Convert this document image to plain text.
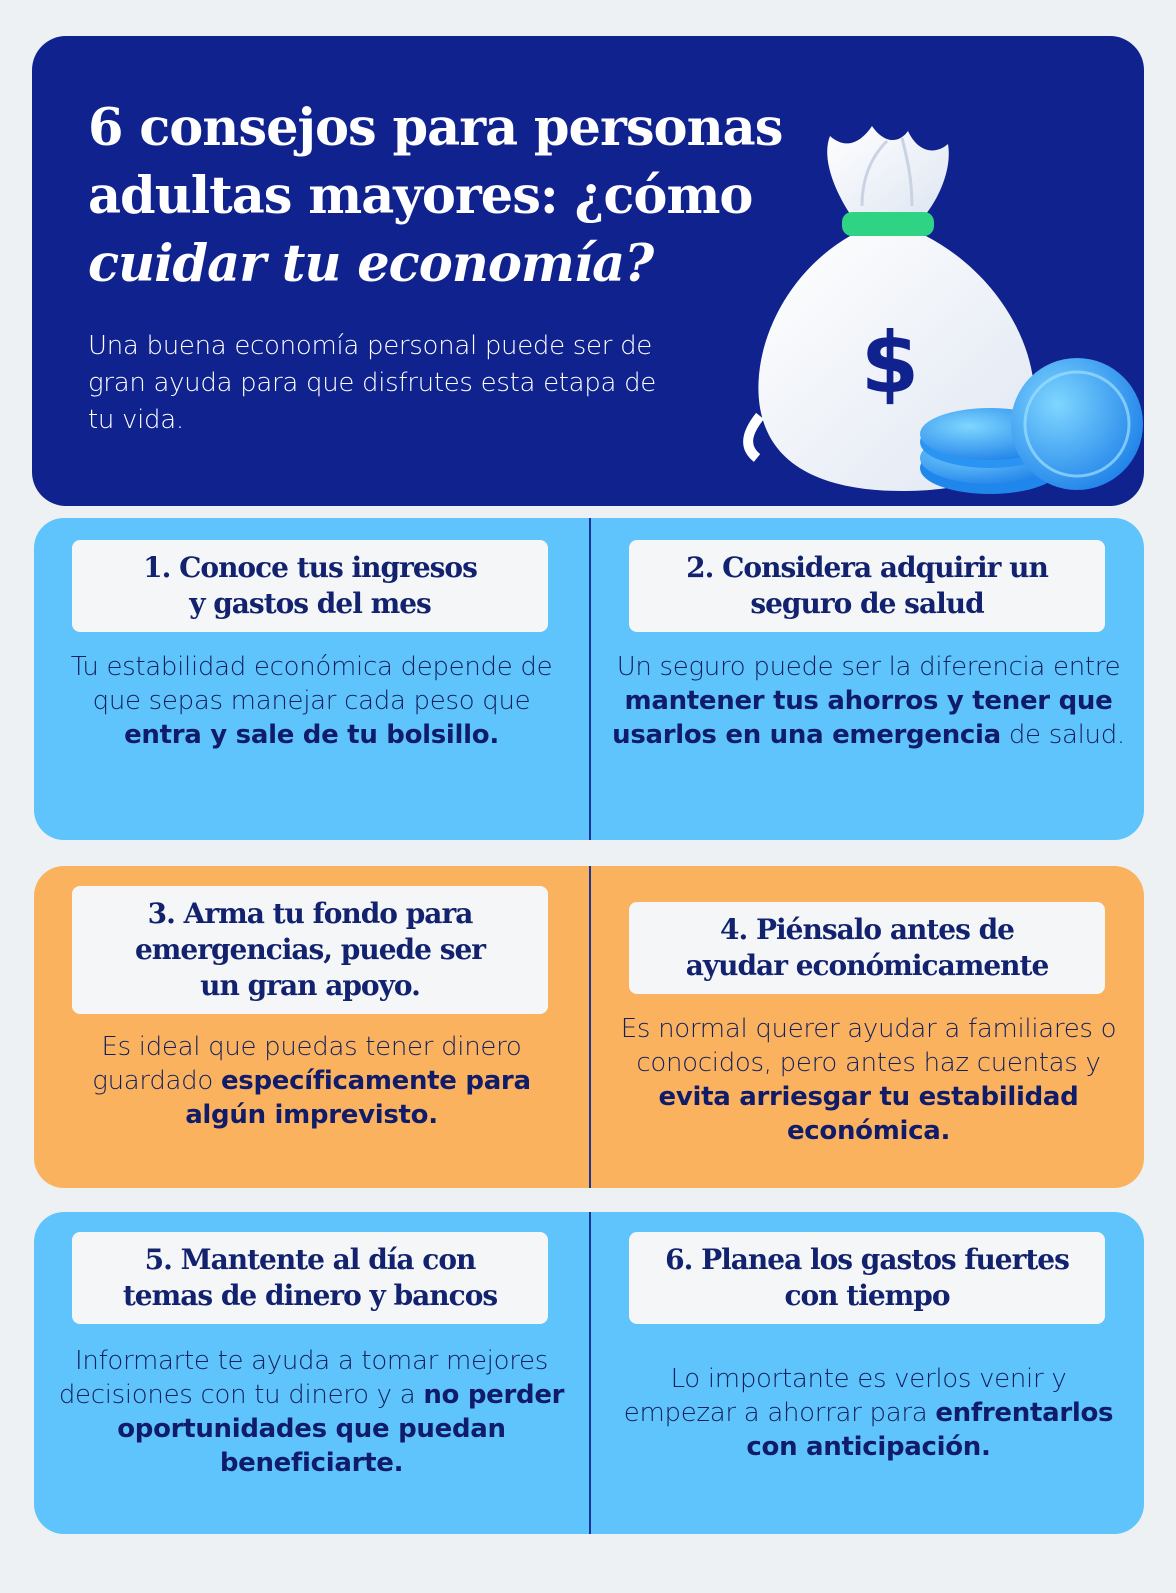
6 consejos para personas
adultas mayores: ¿cómo
cuidar tu economía?

Una buena economía personal puede ser de gran ayuda para que disfrutes esta etapa de tu vida.

$
1. Conoce tus ingresos
y gastos del mes

Tu estabilidad económica depende de que sepas manejar cada peso que entra y sale de tu bolsillo.

2. Considera adquirir un
seguro de salud

Un seguro puede ser la diferencia entre mantener tus ahorros y tener que usarlos en una emergencia de salud.

3. Arma tu fondo para
emergencias, puede ser
un gran apoyo.

Es ideal que puedas tener dinero guardado específicamente para algún imprevisto.

4. Piénsalo antes de
ayudar económicamente

Es normal querer ayudar a familiares o conocidos, pero antes haz cuentas y evita arriesgar tu estabilidad económica.

5. Mantente al día con
temas de dinero y bancos

Informarte te ayuda a tomar mejores decisiones con tu dinero y a no perder oportunidades que puedan beneficiarte.

6. Planea los gastos fuertes
con tiempo

Lo importante es verlos venir y empezar a ahorrar para enfrentarlos con anticipación.
